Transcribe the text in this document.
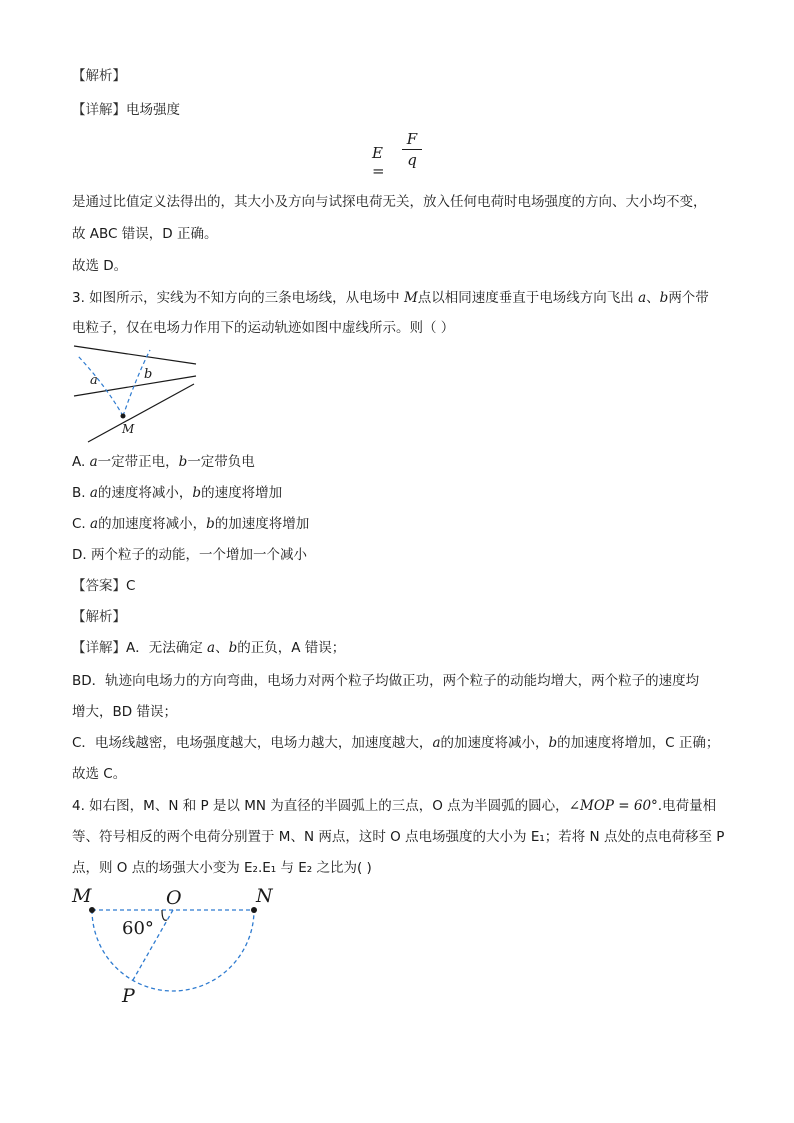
【解析】
【详解】电场强度
E =
F
q
是通过比值定义法得出的，其大小及方向与试探电荷无关，放入任何电荷时电场强度的方向、大小均不变，
故 ABC 错误，D 正确。
故选 D。
3. 如图所示，实线为不知方向的三条电场线，从电场中 M点以相同速度垂直于电场线方向飞出 a、b两个带
电粒子，仅在电场力作用下的运动轨迹如图中虚线所示。则（ ）
a	b
M
A. a一定带正电，b一定带负电
B. a的速度将减小，b的速度将增加
C. a的加速度将减小，b的加速度将增加
D. 两个粒子的动能，一个增加一个减小
【答案】C
【解析】
【详解】A．无法确定 a、b的正负，A 错误；
BD．轨迹向电场力的方向弯曲，电场力对两个粒子均做正功，两个粒子的动能均增大，两个粒子的速度均
增大，BD 错误；
C．电场线越密，电场强度越大，电场力越大，加速度越大，a的加速度将减小，b的加速度将增加，C 正确；
故选 C。
4. 如右图，M、N 和 P 是以 MN 为直径的半圆弧上的三点，O 点为半圆弧的圆心，∠MOP = 60°.电荷量相
等、符号相反的两个电荷分别置于 M、N 两点，这时 O 点电场强度的大小为 E₁；若将 N 点处的点电荷移至 P
点，则 O 点的场强大小变为 E₂.E₁ 与 E₂ 之比为( )
M	O	N
P
60°
